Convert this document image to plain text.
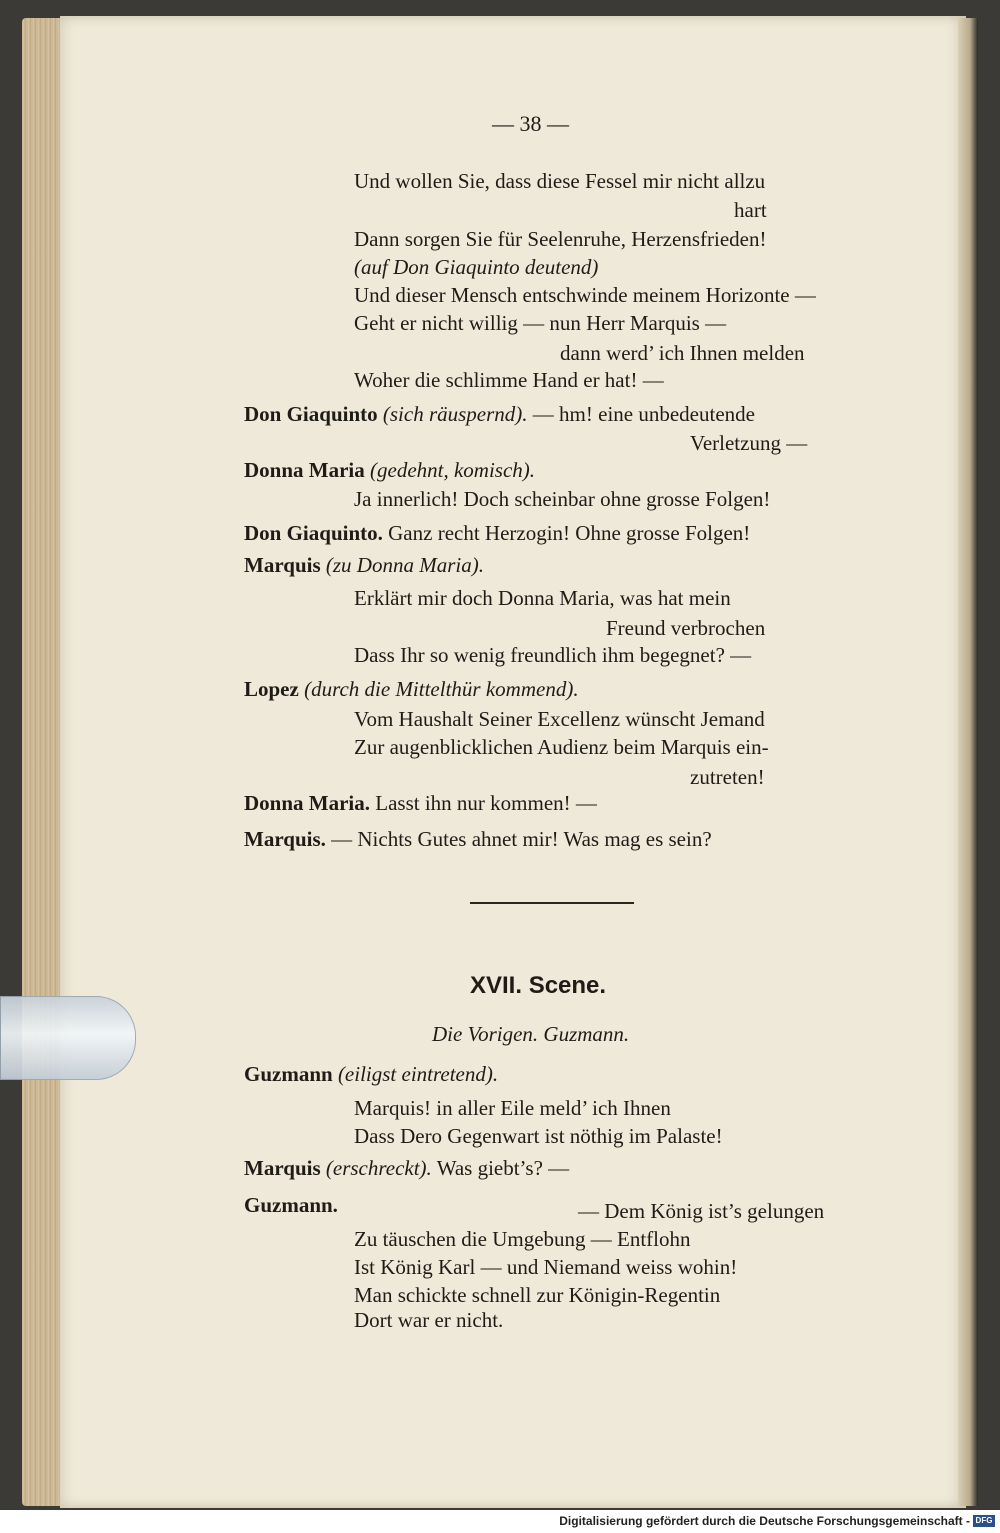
— 38 —
Und wollen Sie, dass diese Fessel mir nicht allzu
hart
Dann sorgen Sie für Seelenruhe, Herzensfrieden!
(auf Don Giaquinto deutend)
Und dieser Mensch entschwinde meinem Horizonte —
Geht er nicht willig — nun Herr Marquis —
dann werd’ ich Ihnen melden
Woher die schlimme Hand er hat! —
Don Giaquinto (sich räuspernd). — hm! eine unbedeutende
Verletzung —
Donna Maria (gedehnt, komisch).
Ja innerlich! Doch scheinbar ohne grosse Folgen!
Don Giaquinto. Ganz recht Herzogin! Ohne grosse Folgen!
Marquis (zu Donna Maria).
Erklärt mir doch Donna Maria, was hat mein
Freund verbrochen
Dass Ihr so wenig freundlich ihm begegnet? —
Lopez (durch die Mittelthür kommend).
Vom Haushalt Seiner Excellenz wünscht Jemand
Zur augenblicklichen Audienz beim Marquis ein-
zutreten!
Donna Maria. Lasst ihn nur kommen! —
Marquis. — Nichts Gutes ahnet mir! Was mag es sein?
XVII. Scene.
Die Vorigen. Guzmann.
Guzmann (eiligst eintretend).
Marquis! in aller Eile meld’ ich Ihnen
Dass Dero Gegenwart ist nöthig im Palaste!
Marquis (erschreckt). Was giebt’s? —
Guzmann.	— Dem König ist’s gelungen
Zu täuschen die Umgebung — Entflohn
Ist König Karl — und Niemand weiss wohin!
Man schickte schnell zur Königin-Regentin
Dort war er nicht.
Digitalisierung gefördert durch die Deutsche Forschungsgemeinschaft - DFG
